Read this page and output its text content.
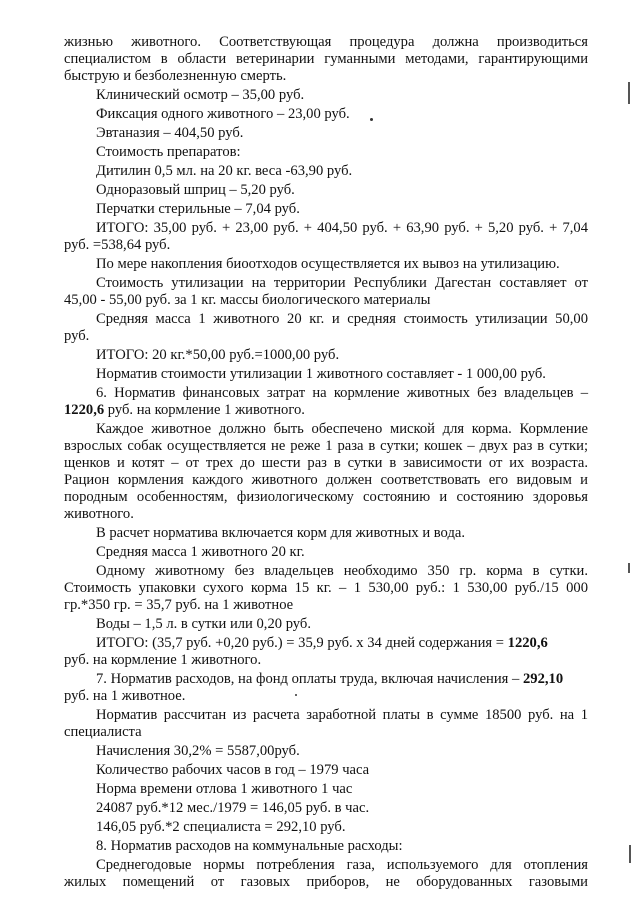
жизнью животного. Соответствующая процедура должна производиться
специалистом в области ветеринарии гуманными методами, гарантирующими
быструю и безболезненную смерть.
Клинический осмотр – 35,00 руб.
Фиксация одного животного – 23,00 руб.
Эвтаназия – 404,50 руб.
Стоимость препаратов:
Дитилин 0,5 мл. на 20 кг. веса -63,90 руб.
Одноразовый шприц – 5,20 руб.
Перчатки стерильные – 7,04 руб.
ИТОГО: 35,00 руб. + 23,00 руб. + 404,50 руб. + 63,90 руб. + 5,20 руб. + 7,04
руб. =538,64 руб.
По мере накопления биоотходов осуществляется их вывоз на утилизацию.
Стоимость утилизации на территории Республики Дагестан составляет от
45,00 - 55,00 руб. за 1 кг. массы биологического материалы
Средняя масса 1 животного 20 кг. и средняя стоимость утилизации 50,00
руб.
ИТОГО: 20 кг.*50,00 руб.=1000,00 руб.
Норматив стоимости утилизации 1 животного составляет - 1 000,00 руб.
6. Норматив финансовых затрат на кормление животных без владельцев –
1220,6 руб. на кормление 1 животного.
Каждое животное должно быть обеспечено миской для корма. Кормление
взрослых собак осуществляется не реже 1 раза в сутки; кошек – двух раз в сутки;
щенков и котят – от трех до шести раз в сутки в зависимости от их возраста.
Рацион кормления каждого животного должен соответствовать его видовым и
породным особенностям, физиологическому состоянию и состоянию здоровья
животного.
В расчет норматива включается корм для животных и вода.
Средняя масса 1 животного 20 кг.
Одному животному без владельцев необходимо 350 гр. корма в сутки.
Стоимость упаковки сухого корма 15 кг. – 1 530,00 руб.: 1 530,00 руб./15 000
гр.*350 гр. = 35,7 руб. на 1 животное
Воды – 1,5 л. в сутки или 0,20 руб.
ИТОГО: (35,7 руб. +0,20 руб.) = 35,9 руб. х 34 дней содержания = 1220,6
руб. на кормление 1 животного.
7. Норматив расходов, на фонд оплаты труда, включая начисления – 292,10
руб. на 1 животное.
Норматив рассчитан из расчета заработной платы в сумме 18500 руб. на 1
специалиста
Начисления 30,2% = 5587,00руб.
Количество рабочих часов в год – 1979 часа
Норма времени отлова 1 животного 1 час
24087 руб.*12 мес./1979 = 146,05 руб. в час.
146,05 руб.*2 специалиста = 292,10 руб.
8. Норматив расходов на коммунальные расходы:
Среднегодовые нормы потребления газа, используемого для отопления
жилых помещений от газовых приборов, не оборудованных газовыми
